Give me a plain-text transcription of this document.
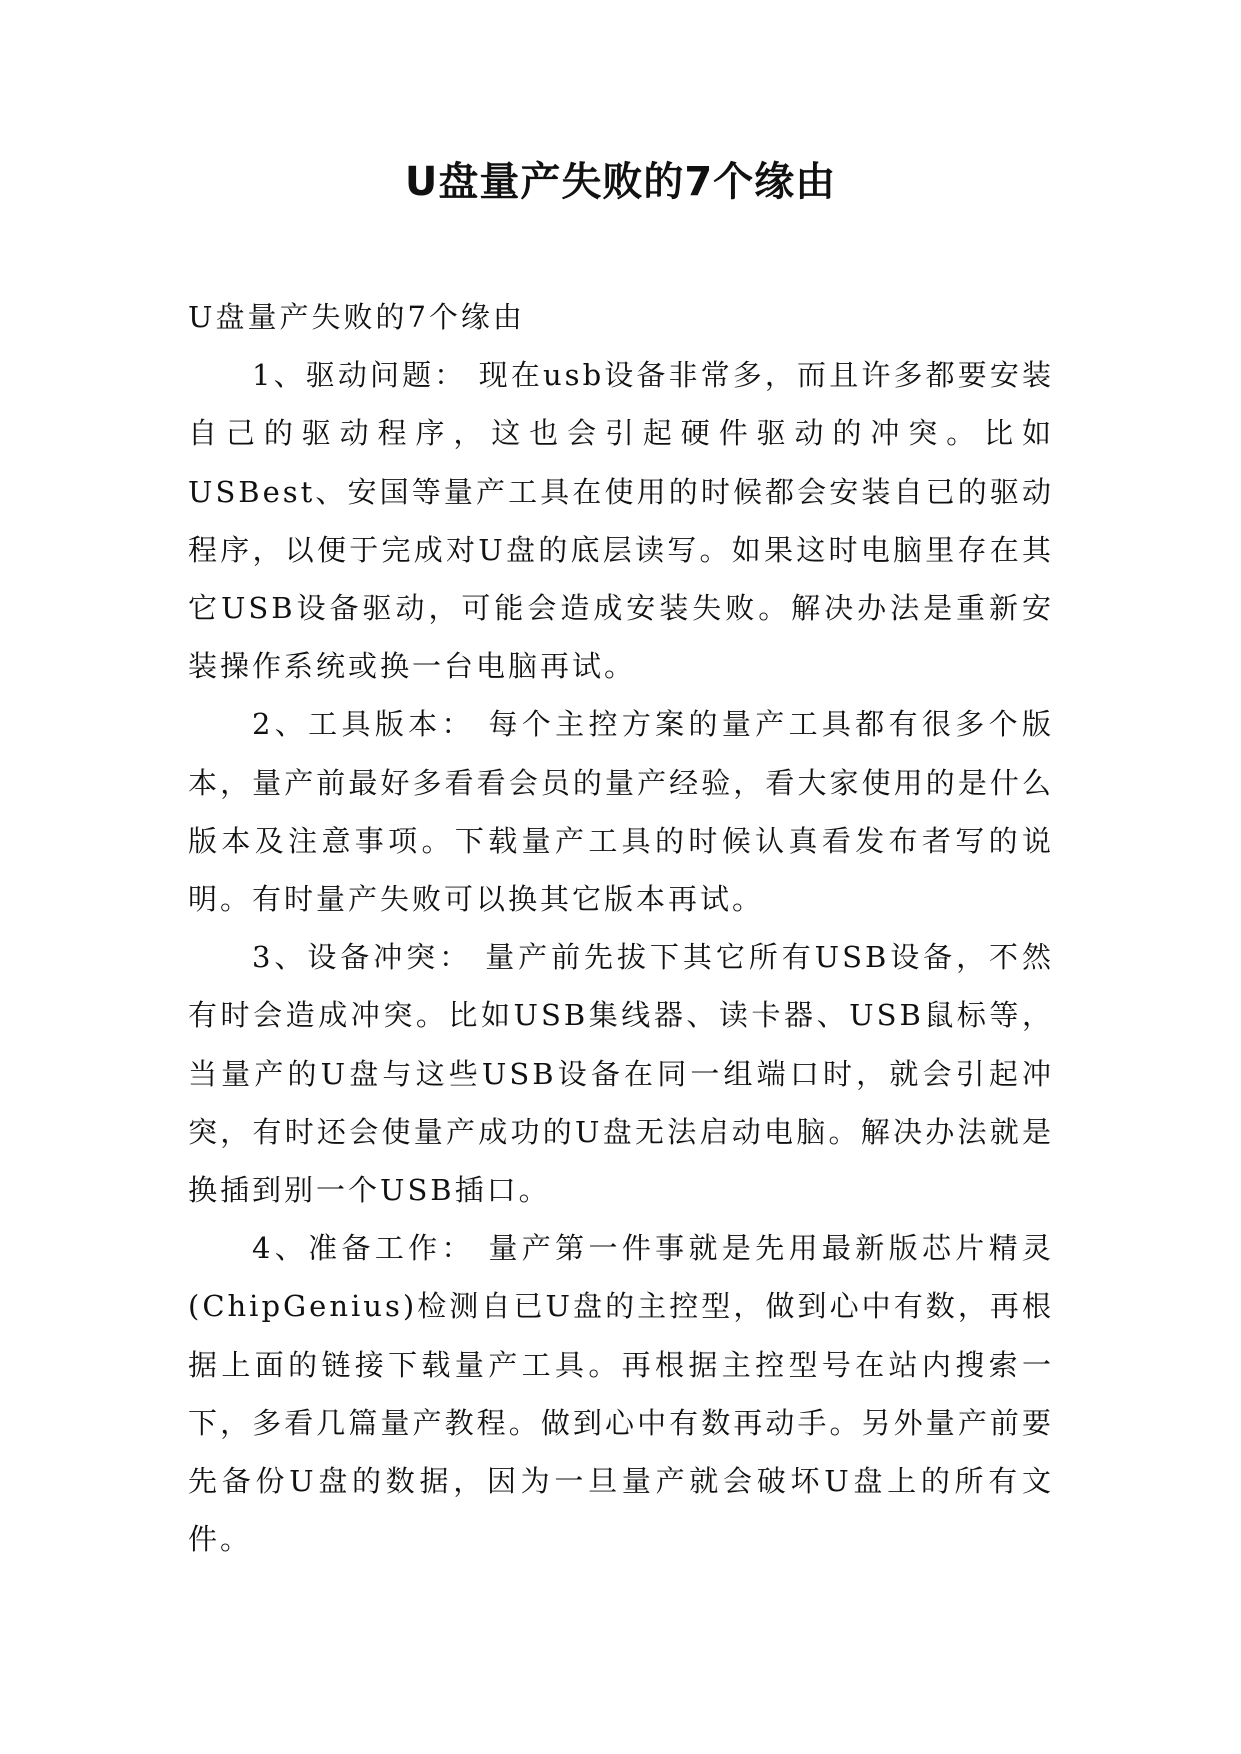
U盘量产失败的7个缘由

U盘量产失败的7个缘由

1、驱动问题： 现在usb设备非常多，而且许多都要安装自己的驱动程序，这也会引起硬件驱动的冲突。比如USBest、安国等量产工具在使用的时候都会安装自已的驱动程序，以便于完成对U盘的底层读写。如果这时电脑里存在其它USB设备驱动，可能会造成安装失败。解决办法是重新安装操作系统或换一台电脑再试。

2、工具版本： 每个主控方案的量产工具都有很多个版本，量产前最好多看看会员的量产经验，看大家使用的是什么版本及注意事项。下载量产工具的时候认真看发布者写的说明。有时量产失败可以换其它版本再试。

3、设备冲突： 量产前先拔下其它所有USB设备，不然有时会造成冲突。比如USB集线器、读卡器、USB鼠标等，当量产的U盘与这些USB设备在同一组端口时，就会引起冲突，有时还会使量产成功的U盘无法启动电脑。解决办法就是换插到别一个USB插口。

4、准备工作： 量产第一件事就是先用最新版芯片精灵(ChipGenius)检测自已U盘的主控型，做到心中有数，再根据上面的链接下载量产工具。再根据主控型号在站内搜索一下，多看几篇量产教程。做到心中有数再动手。另外量产前要先备份U盘的数据，因为一旦量产就会破坏U盘上的所有文件。
